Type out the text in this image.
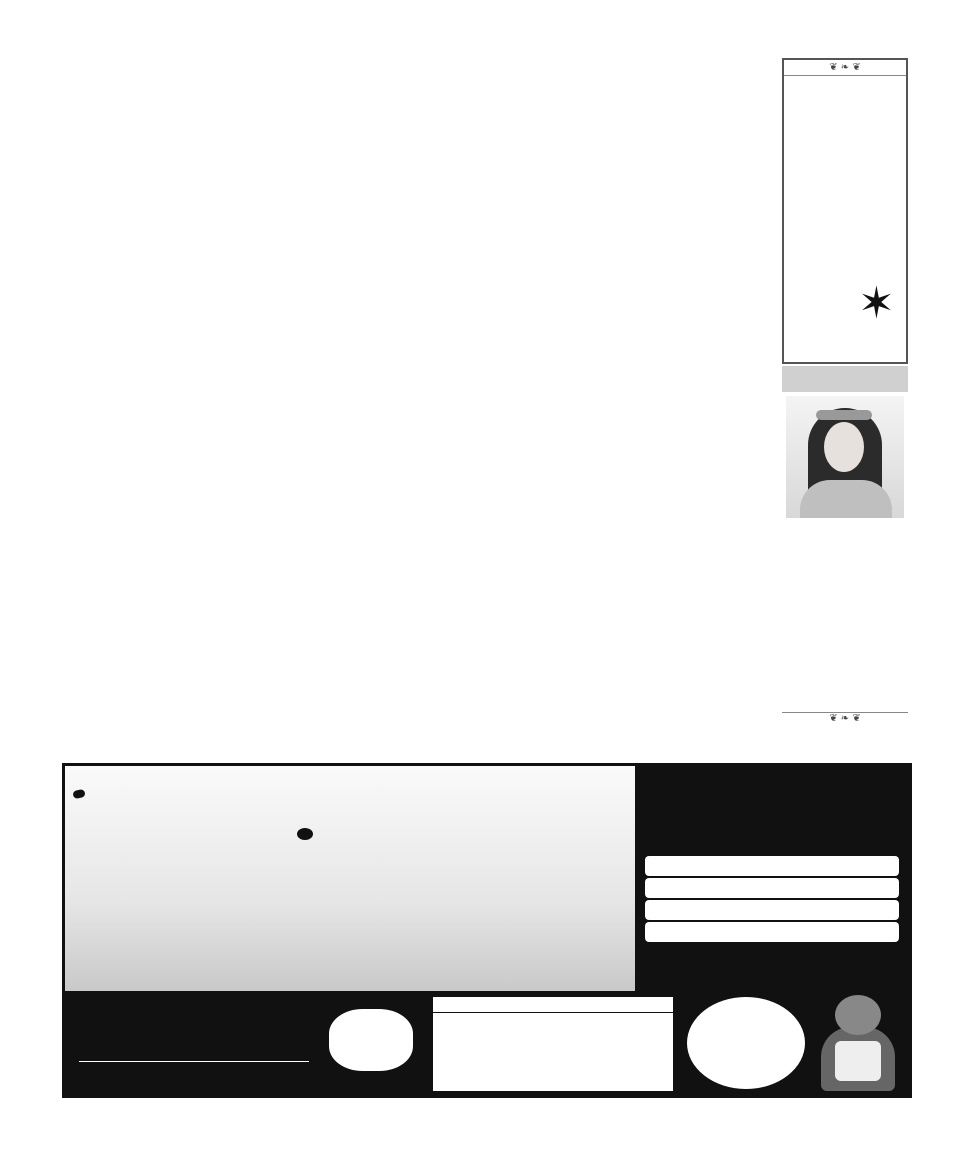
❦ ❧ ❦
✶
❦ ❧ ❦
